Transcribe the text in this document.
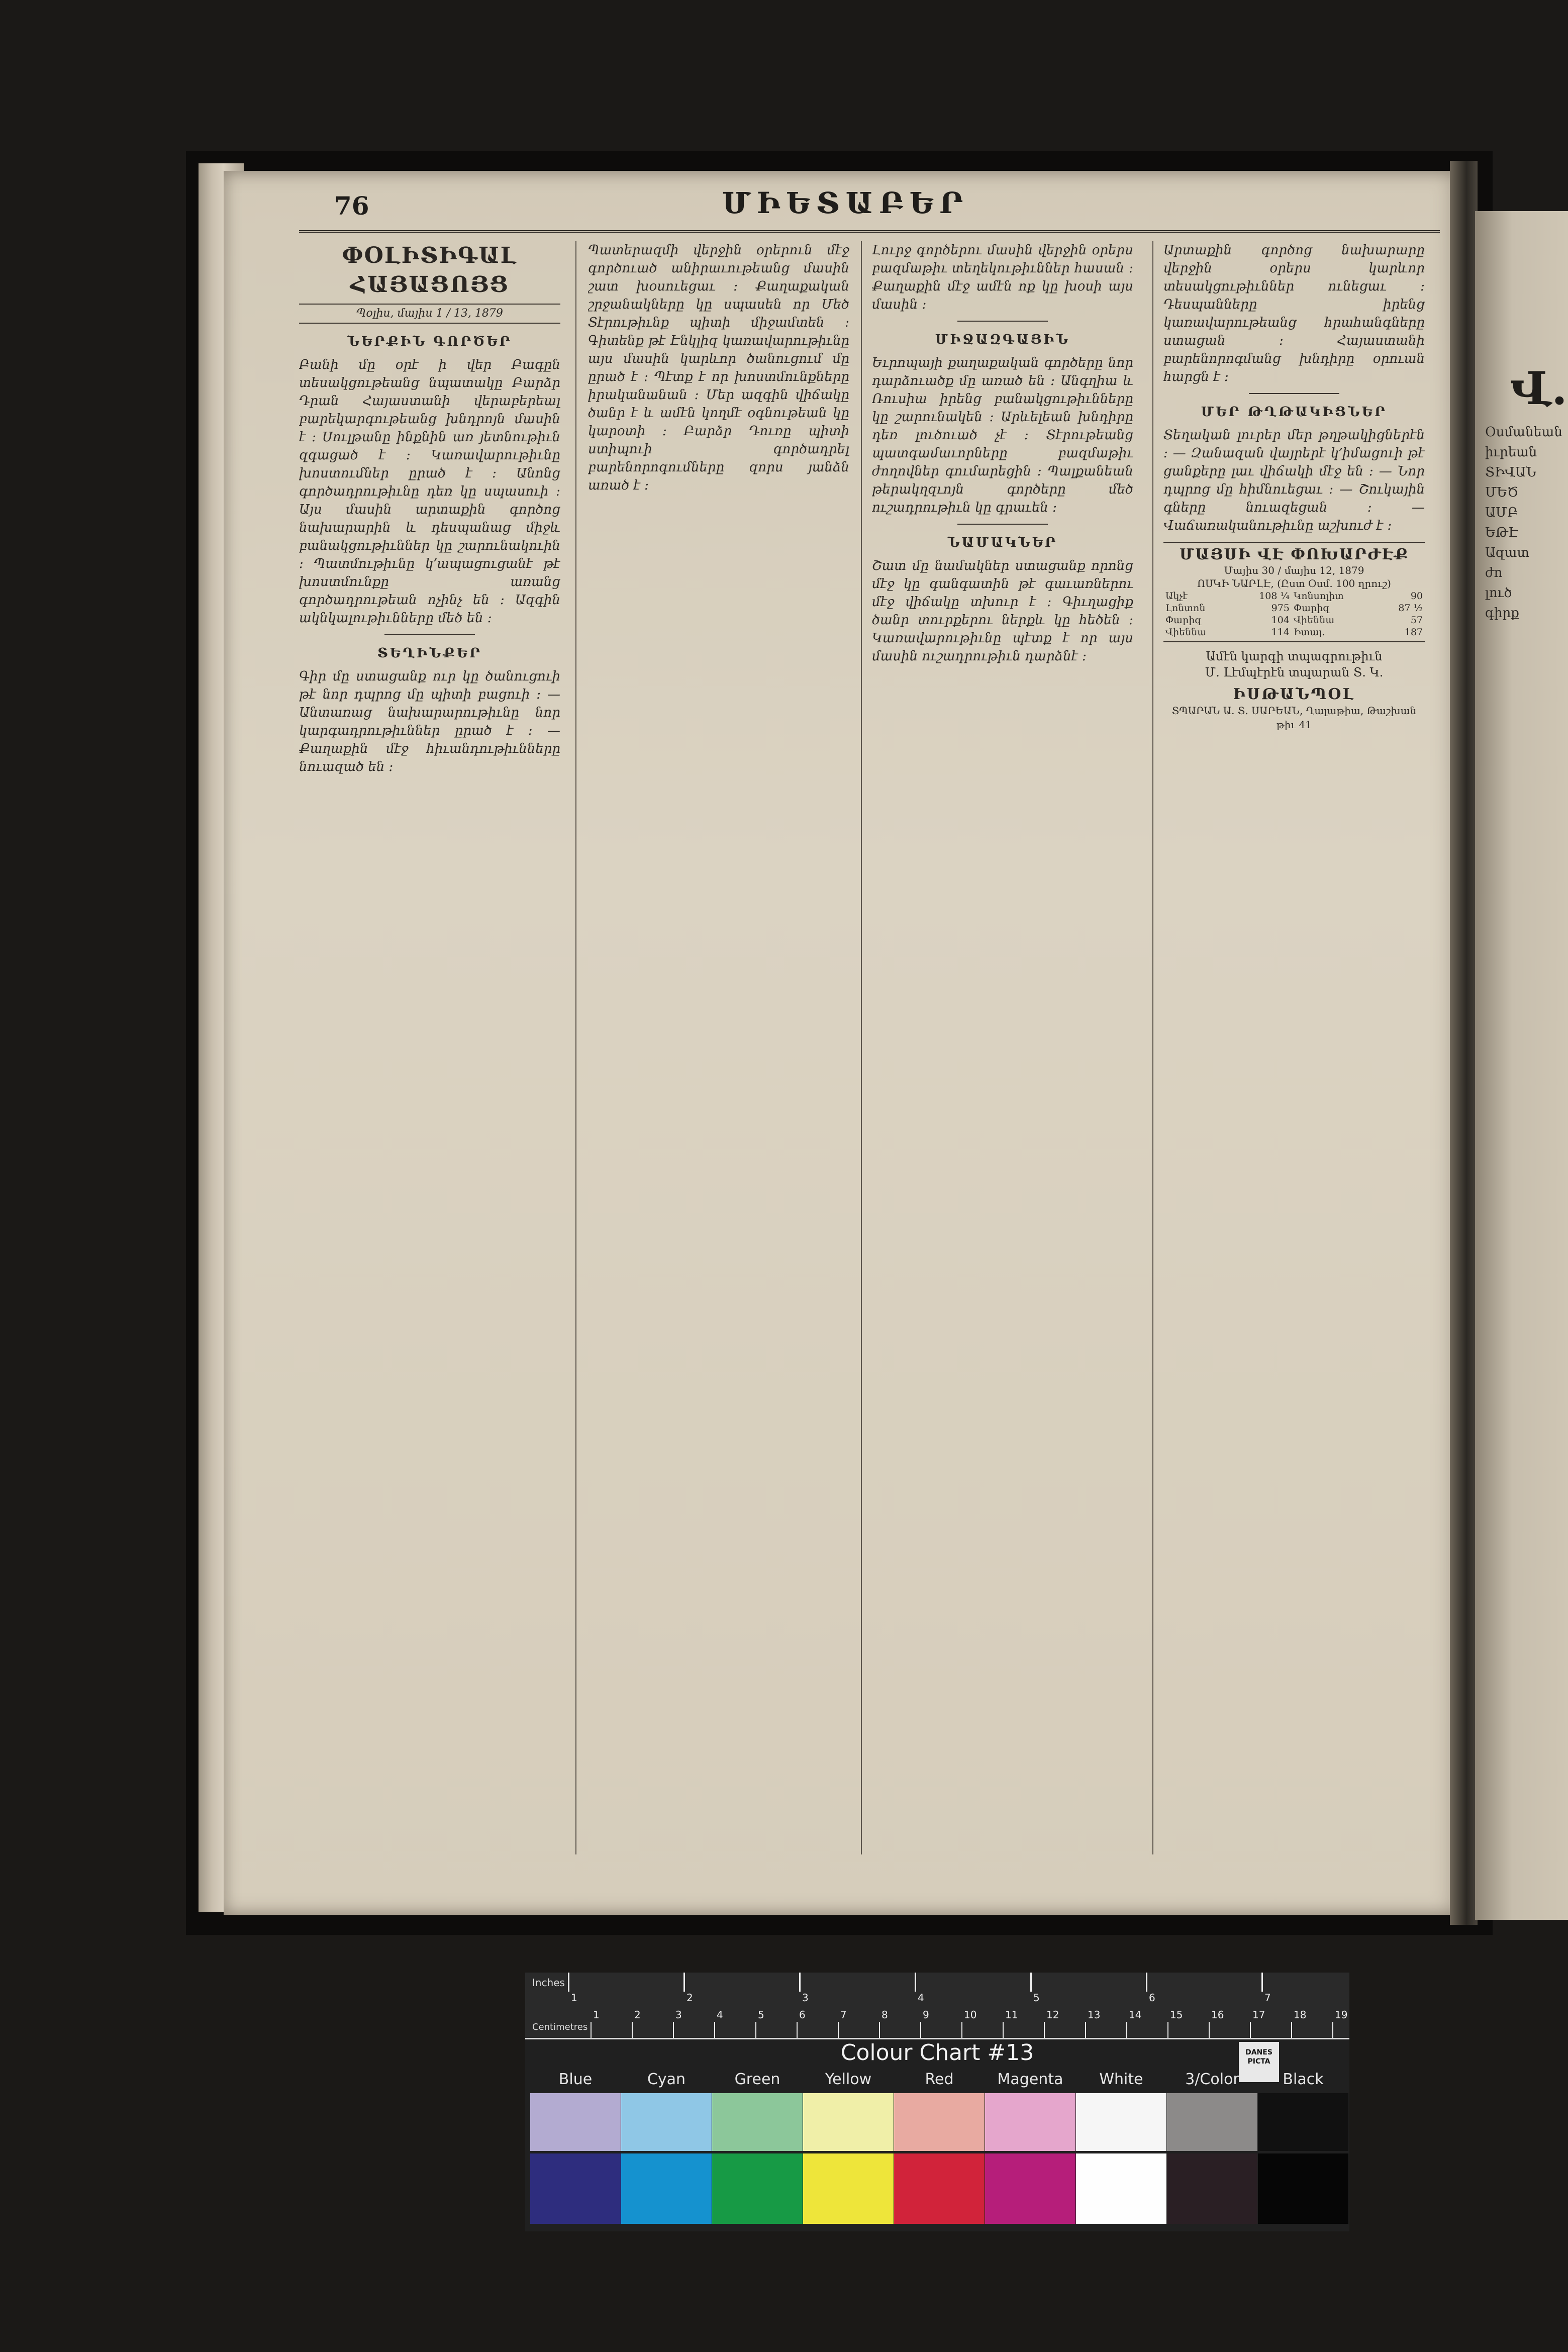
76	ՄԻԵՏԱԲԵՐ
ՓՕԼԻՏԻԳԱԼ ՀԱՅԱՑՈՅՑ
Պօլիս, մայիս 1 / 13, 1879
ՆԵՐՔԻՆ ԳՈՐԾԵՐ
Բանի մը օրէ ի վեր Բագըն տեսակցութեանց նպատակը Բարձր Դրան Հայաստանի վերաբերեալ բարեկարգութեանց խնդրոյն մասին է ։ Սուլթանը ինքնին առ յետնութիւն զգացած է ։ Կառավարութիւնը խոստումներ ըրած է ։ Անոնց գործադրութիւնը դեռ կը սպասուի ։ Այս մասին արտաքին գործոց նախարարին և դեսպանաց միջև բանակցութիւններ կը շարունակուին ։ Պատմութիւնը կ՚ապացուցանէ թէ խոստմունքը առանց գործադրութեան ոչինչ են ։ Ազգին ակնկալութիւնները մեծ են ։
ՏԵՂԻՆՔԵՐ
Գիր մը ստացանք ուր կը ծանուցուի թէ նոր դպրոց մը պիտի բացուի ։ — Անտառաց նախարարութիւնը նոր կարգադրութիւններ ըրած է ։ — Քաղաքին մէջ հիւանդութիւնները նուազած են ։
Պատերազմի վերջին օրերուն մէջ գործուած անիրաւութեանց մասին շատ խօսուեցաւ ։ Քաղաքական շրջանակները կը սպասեն որ Մեծ Տէրութիւնք պիտի միջամտեն ։ Գիտենք թէ Էնկլիզ կառավարութիւնը այս մասին կարևոր ծանուցում մը ըրած է ։ Պէտք է որ խոստմունքները իրականանան ։ Մեր ազգին վիճակը ծանր է և ամէն կողմէ օգնութեան կը կարօտի ։ Բարձր Դուռը պիտի ստիպուի գործադրել բարենորոգումները զորս յանձն առած է ։
Լուրջ գործերու մասին վերջին օրերս բազմաթիւ տեղեկութիւններ հասան ։ Քաղաքին մէջ ամէն ոք կը խօսի այս մասին ։
ՄԻՋԱԶԳԱՅԻՆ
Եւրոպայի քաղաքական գործերը նոր դարձուածք մը առած են ։ Անգղիա և Ռուսիա իրենց բանակցութիւնները կը շարունակեն ։ Արևելեան խնդիրը դեռ լուծուած չէ ։ Տէրութեանց պատգամաւորները բազմաթիւ ժողովներ գումարեցին ։ Պալքանեան թերակղզւոյն գործերը մեծ ուշադրութիւն կը գրաւեն ։
ՆԱՄԱԿՆԵՐ
Շատ մը նամակներ ստացանք որոնց մէջ կը գանգատին թէ գաւառներու մէջ վիճակը տխուր է ։ Գիւղացիք ծանր տուրքերու ներքև կը հեծեն ։ Կառավարութիւնը պէտք է որ այս մասին ուշադրութիւն դարձնէ ։
Արտաքին գործոց նախարարը վերջին օրերս կարևոր տեսակցութիւններ ունեցաւ ։ Դեսպանները իրենց կառավարութեանց հրահանգները ստացան ։ Հայաստանի բարենորոգմանց խնդիրը օրուան հարցն է ։
ՄԵՐ ԹՂԹԱԿԻՑՆԵՐ
Տեղական լուրեր մեր թղթակիցներէն ։ — Զանազան վայրերէ կ՚իմացուի թէ ցանքերը լաւ վիճակի մէջ են ։ — Նոր դպրոց մը հիմնուեցաւ ։ — Շուկային գները նուազեցան ։ — Վաճառականութիւնը աշխուժ է ։
ՄԱՅՍԻ ՎԷ ՓՈԽԱՐԺԷՔ
Մայիս 30 / մայիս 12, 1879
ՈՍԿԻ ՆԱՐԼԷ, (Ըստ Օսմ. 100 ղրուշ)
Ակչէ	108 ¼	Կոնսոլիտ	90
Լոնտոն	975	Փարիզ	87 ½
Փարիզ	104	Վիեննա	57
Վիեննա	114	Իտալ.	187
Ամէն կարգի տպագրութիւն
Մ. Լէմպէրէն տպարան Տ. Կ.
ԻՍԹԱՆՊՕԼ
ՏՊԱՐԱՆ Ա. Տ. ՍԱՐԵԱՆ, Ղալաթիա, Թաշխան թիւ 41
Վ.
Օսմանեան
իւրեան
ՏԻՎԱՆ
ՄԵԾ
ԱՄԲ
ԵԹԷ
Ազատ
ժո
լուծ
գիրք
Inches
Centimetres
1	2	3	4	5	6	7
1	2	3	4	5	6	7	8	9	10	11	12	13	14	15	16	17	18	19
Colour Chart #13	DANES PICTA
Blue	Cyan	Green	Yellow	Red	Magenta	White	3/Color	Black
